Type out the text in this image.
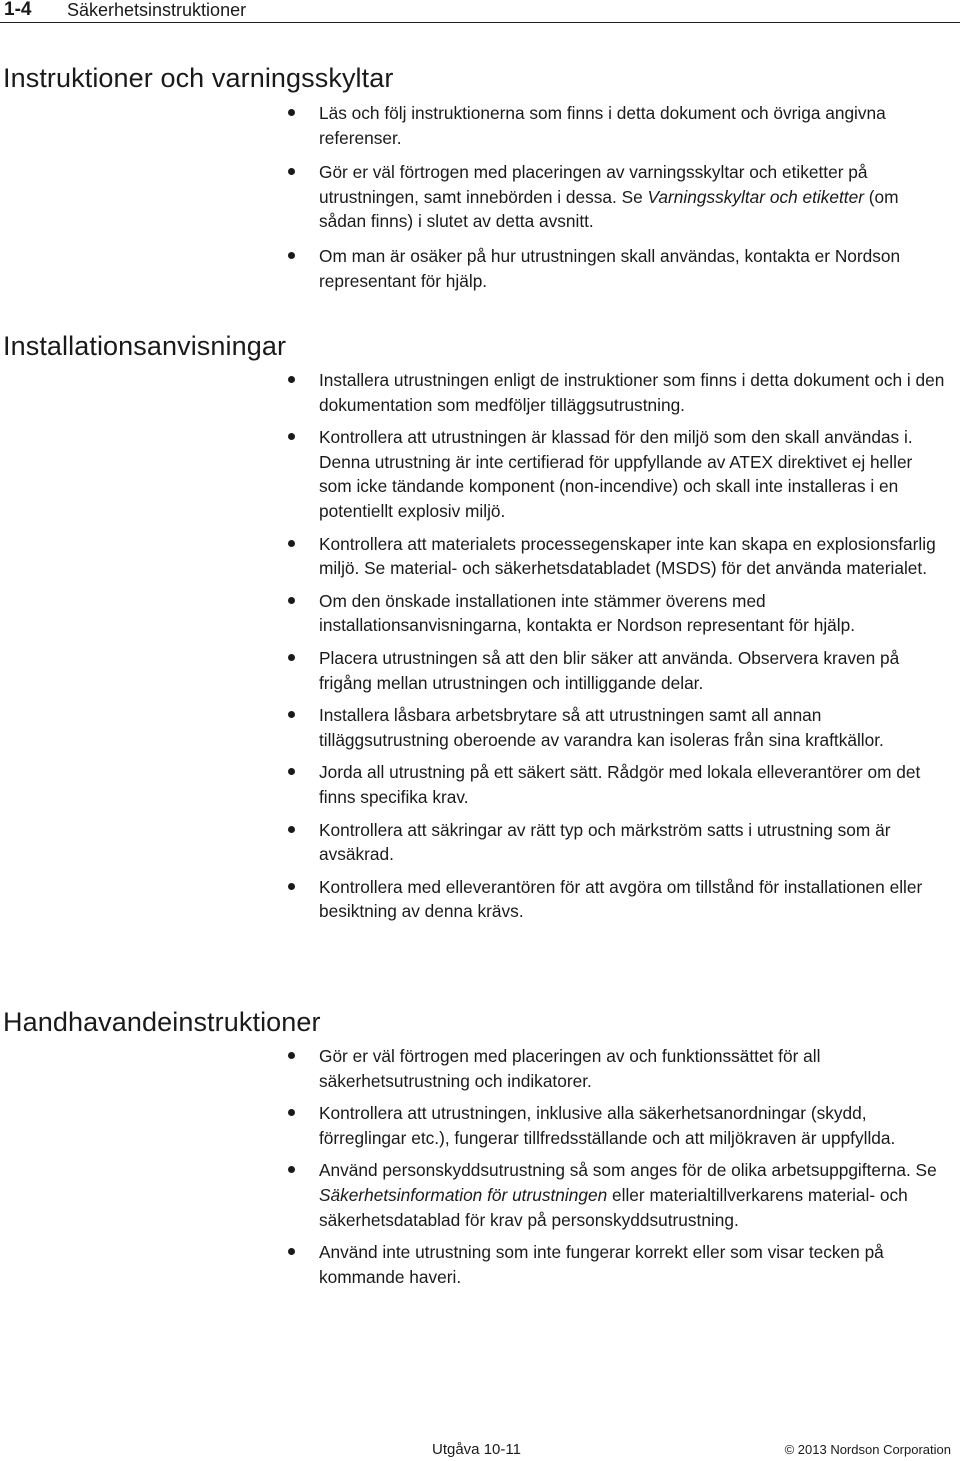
1-4 Säkerhetsinstruktioner
Instruktioner och varningsskyltar
Läs och följ instruktionerna som finns i detta dokument och övriga angivna referenser.
Gör er väl förtrogen med placeringen av varningsskyltar och etiketter på utrustningen, samt innebörden i dessa. Se Varningsskyltar och etiketter (om sådan finns) i slutet av detta avsnitt.
Om man är osäker på hur utrustningen skall användas, kontakta er Nordson representant för hjälp.
Installationsanvisningar
Installera utrustningen enligt de instruktioner som finns i detta dokument och i den dokumentation som medföljer tilläggsutrustning.
Kontrollera att utrustningen är klassad för den miljö som den skall användas i. Denna utrustning är inte certifierad för uppfyllande av ATEX direktivet ej heller som icke tändande komponent (non-incendive) och skall inte installeras i en potentiellt explosiv miljö.
Kontrollera att materialets processegenskaper inte kan skapa en explosionsfarlig miljö. Se material- och säkerhetsdatabladet (MSDS) för det använda materialet.
Om den önskade installationen inte stämmer överens med installationsanvisningarna, kontakta er Nordson representant för hjälp.
Placera utrustningen så att den blir säker att använda. Observera kraven på frigång mellan utrustningen och intilliggande delar.
Installera låsbara arbetsbrytare så att utrustningen samt all annan tilläggsutrustning oberoende av varandra kan isoleras från sina kraftkällor.
Jorda all utrustning på ett säkert sätt. Rådgör med lokala elleverantörer om det finns specifika krav.
Kontrollera att säkringar av rätt typ och märkström satts i utrustning som är avsäkrad.
Kontrollera med elleverantören för att avgöra om tillstånd för installationen eller besiktning av denna krävs.
Handhavandeinstruktioner
Gör er väl förtrogen med placeringen av och funktionssättet för all säkerhetsutrustning och indikatorer.
Kontrollera att utrustningen, inklusive alla säkerhetsanordningar (skydd, förreglingar etc.), fungerar tillfredsställande och att miljökraven är uppfyllda.
Använd personskyddsutrustning så som anges för de olika arbetsuppgifterna. Se Säkerhetsinformation för utrustningen eller materialtillverkarens material- och säkerhetsdatablad för krav på personskyddsutrustning.
Använd inte utrustning som inte fungerar korrekt eller som visar tecken på kommande haveri.
Utgåva 10-11	© 2013 Nordson Corporation
